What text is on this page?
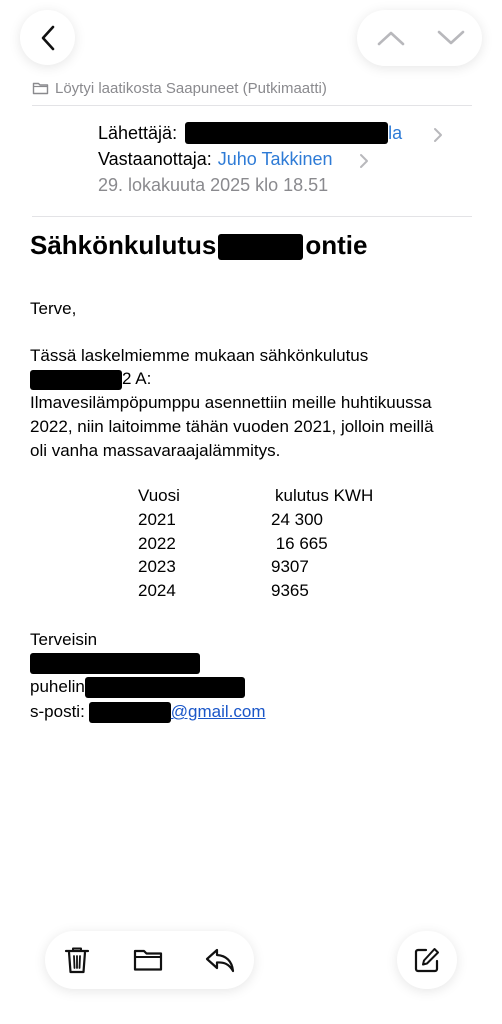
Löytyi laatikosta Saapuneet (Putkimaatti)
Lähettäjä:	la
Vastaanottaja: Juho Takkinen
29. lokakuuta 2025 klo 18.51
Sähkönkulutus	ontie
Terve,
Tässä laskelmiemme mukaan sähkönkulutus
2 A:
Ilmavesilämpöpumppu asennettiin meille huhtikuussa
2022, niin laitoimme tähän vuoden 2021, jolloin meillä
oli vanha massavaraajalämmitys.
Vuosi	kulutus KWH
2021	24 300
2022	16 665
2023	9307
2024	9365
Terveisin
puhelin
s-posti:	@gmail.com
